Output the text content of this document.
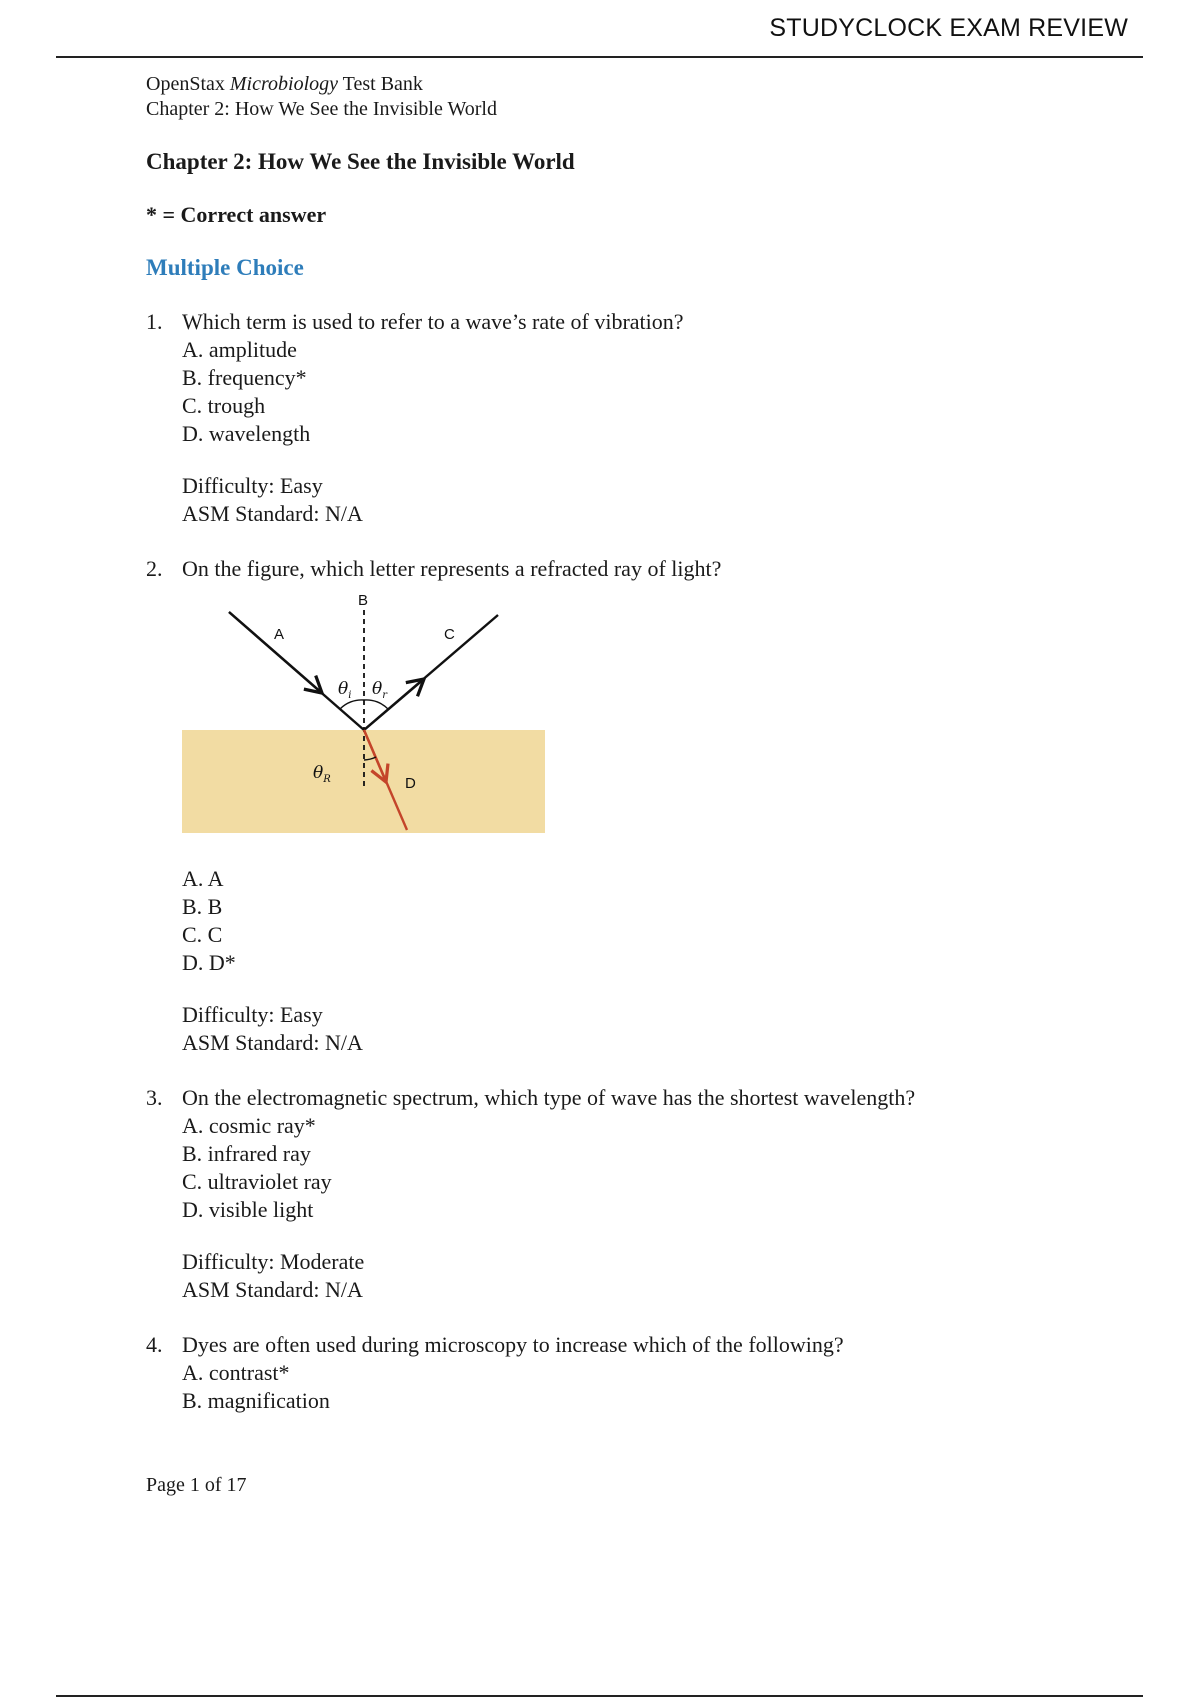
STUDYCLOCK EXAM REVIEW

OpenStax Microbiology Test Bank

Chapter 2: How We See the Invisible World

Chapter 2: How We See the Invisible World

* = Correct answer

Multiple Choice

1. Which term is used to refer to a wave’s rate of vibration?

A. amplitude

B. frequency*

C. trough

D. wavelength

Difficulty: Easy

ASM Standard: N/A

2. On the figure, which letter represents a refracted ray of light?

B
A	C
D
$\theta_i$ $\theta_r$
$\theta_R$

A. A

B. B

C. C

D. D*

Difficulty: Easy

ASM Standard: N/A

3. On the electromagnetic spectrum, which type of wave has the shortest wavelength?

A. cosmic ray*

B. infrared ray

C. ultraviolet ray

D. visible light

Difficulty: Moderate

ASM Standard: N/A

4. Dyes are often used during microscopy to increase which of the following?

A. contrast*

B. magnification

Page 1 of 17
